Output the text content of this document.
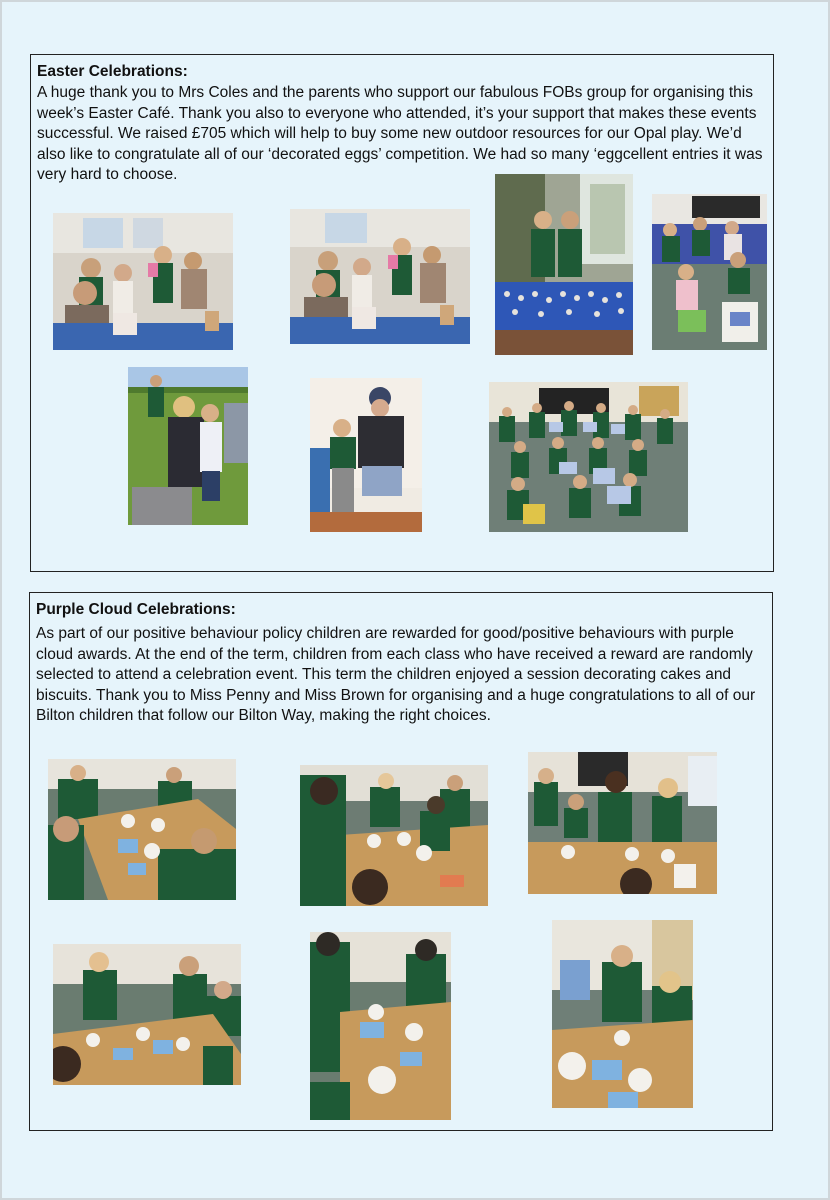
Easter Celebrations:

A huge thank you to Mrs Coles and the parents who support our fabulous FOBs group for organising this week’s Easter Café. Thank you also to everyone who attended, it’s your support that makes these events successful. We raised £705 which will help to buy some new outdoor resources for our Opal play. We’d also like to congratulate all of our ‘decorated eggs’ competition. We had so many ‘eggcellent entries it was very hard to choose.

Purple Cloud Celebrations:

As part of our positive behaviour policy children are rewarded for good/positive behaviours with purple cloud awards. At the end of the term, children from each class who have received a reward are randomly selected to attend a celebration event. This term the children enjoyed a session decorating cakes and biscuits. Thank you to Miss Penny and Miss Brown for organising and a huge congratulations to all of our Bilton children that follow our Bilton Way, making the right choices.
